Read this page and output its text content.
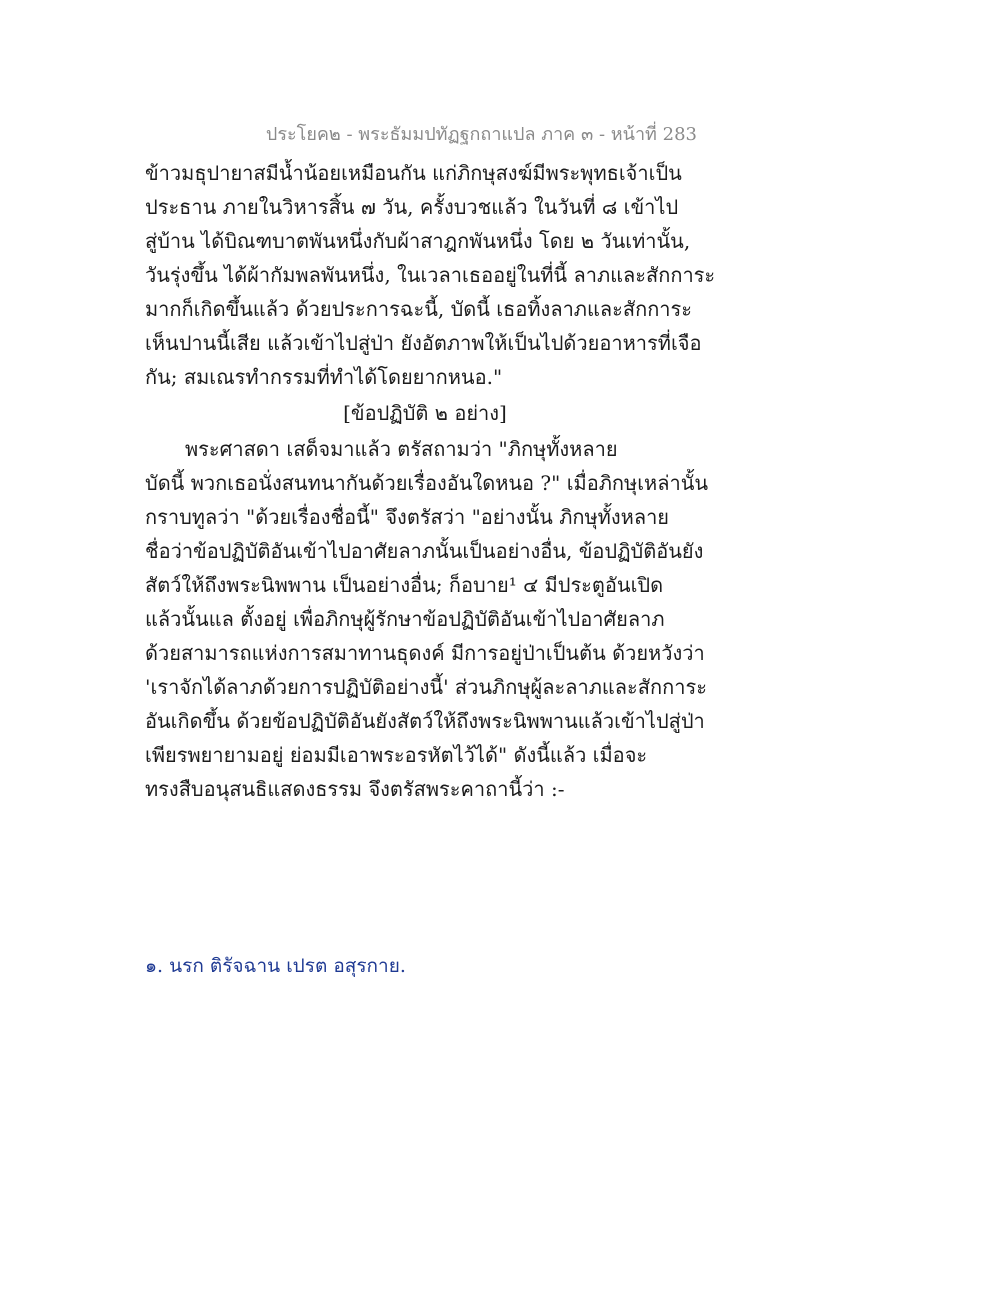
ประโยค๒ - พระธัมมปทัฏฐกถาแปล ภาค ๓ - หน้าที่ 283
ข้าวมธุปายาสมีน้ำน้อยเหมือนกัน แก่ภิกษุสงฆ์มีพระพุทธเจ้าเป็น
ประธาน ภายในวิหารสิ้น ๗ วัน, ครั้งบวชแล้ว ในวันที่ ๘ เข้าไป
สู่บ้าน ได้บิณฑบาตพันหนึ่งกับผ้าสาฎกพันหนึ่ง โดย ๒ วันเท่านั้น,
วันรุ่งขึ้น ได้ผ้ากัมพลพันหนึ่ง, ในเวลาเธออยู่ในที่นี้ ลาภและสักการะ
มากก็เกิดขึ้นแล้ว ด้วยประการฉะนี้, บัดนี้ เธอทิ้งลาภและสักการะ
เห็นปานนี้เสีย แล้วเข้าไปสู่ป่า ยังอัตภาพให้เป็นไปด้วยอาหารที่เจือ
กัน; สมเณรทำกรรมที่ทำได้โดยยากหนอ."
[ข้อปฏิบัติ ๒ อย่าง]
พระศาสดา เสด็จมาแล้ว ตรัสถามว่า "ภิกษุทั้งหลาย
บัดนี้ พวกเธอนั่งสนทนากันด้วยเรื่องอันใดหนอ ?" เมื่อภิกษุเหล่านั้น
กราบทูลว่า "ด้วยเรื่องชื่อนี้" จึงตรัสว่า "อย่างนั้น ภิกษุทั้งหลาย
ชื่อว่าข้อปฏิบัติอันเข้าไปอาศัยลาภนั้นเป็นอย่างอื่น, ข้อปฏิบัติอันยัง
สัตว์ให้ถึงพระนิพพาน เป็นอย่างอื่น; ก็อบาย¹ ๔ มีประตูอันเปิด
แล้วนั้นแล ตั้งอยู่ เพื่อภิกษุผู้รักษาข้อปฏิบัติอันเข้าไปอาศัยลาภ
ด้วยสามารถแห่งการสมาทานธุดงค์ มีการอยู่ป่าเป็นต้น ด้วยหวังว่า
'เราจักได้ลาภด้วยการปฏิบัติอย่างนี้' ส่วนภิกษุผู้ละลาภและสักการะ
อันเกิดขึ้น ด้วยข้อปฏิบัติอันยังสัตว์ให้ถึงพระนิพพานแล้วเข้าไปสู่ป่า
เพียรพยายามอยู่ ย่อมมีเอาพระอรหัตไว้ได้" ดังนี้แล้ว เมื่อจะ
ทรงสืบอนุสนธิแสดงธรรม จึงตรัสพระคาถานี้ว่า :-
๑. นรก ติรัจฉาน เปรต อสุรกาย.
